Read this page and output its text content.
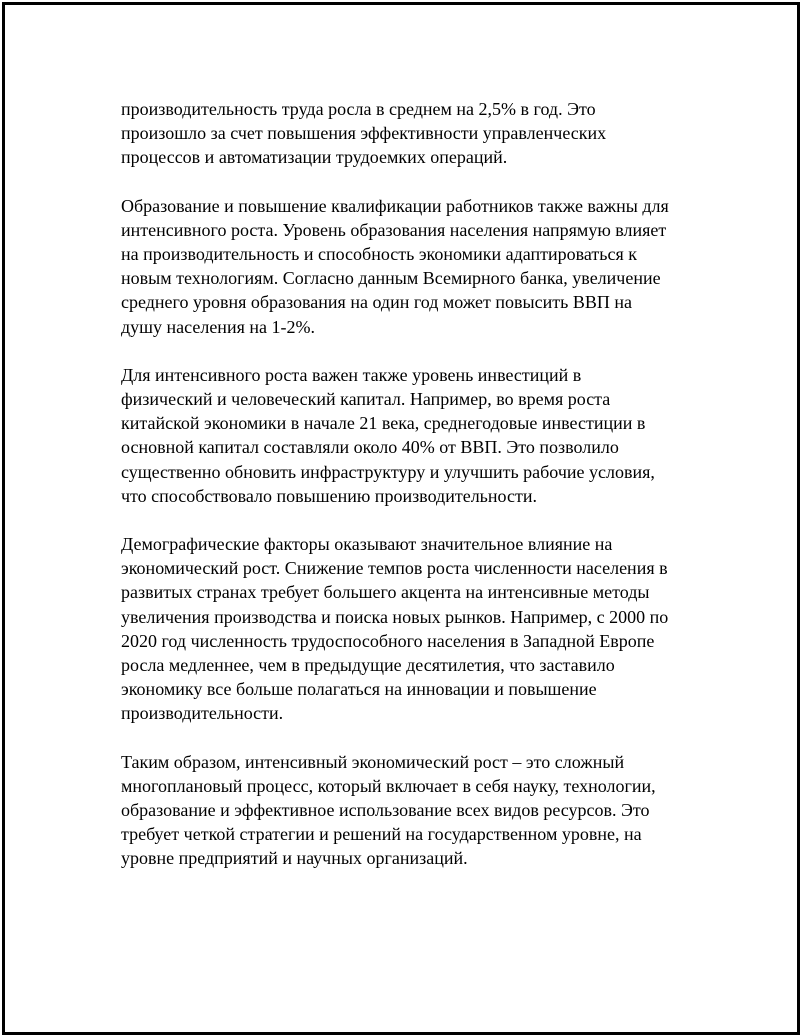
производительность труда росла в среднем на 2,5% в год. Это
произошло за счет повышения эффективности управленческих
процессов и автоматизации трудоемких операций.

Образование и повышение квалификации работников также важны для
интенсивного роста. Уровень образования населения напрямую влияет
на производительность и способность экономики адаптироваться к
новым технологиям. Согласно данным Всемирного банка, увеличение
среднего уровня образования на один год может повысить ВВП на
душу населения на 1-2%.

Для интенсивного роста важен также уровень инвестиций в
физический и человеческий капитал. Например, во время роста
китайской экономики в начале 21 века, среднегодовые инвестиции в
основной капитал составляли около 40% от ВВП. Это позволило
существенно обновить инфраструктуру и улучшить рабочие условия,
что способствовало повышению производительности.

Демографические факторы оказывают значительное влияние на
экономический рост. Снижение темпов роста численности населения в
развитых странах требует большего акцента на интенсивные методы
увеличения производства и поиска новых рынков. Например, с 2000 по
2020 год численность трудоспособного населения в Западной Европе
росла медленнее, чем в предыдущие десятилетия, что заставило
экономику все больше полагаться на инновации и повышение
производительности.

Таким образом, интенсивный экономический рост – это сложный
многоплановый процесс, который включает в себя науку, технологии,
образование и эффективное использование всех видов ресурсов. Это
требует четкой стратегии и решений на государственном уровне, на
уровне предприятий и научных организаций.
